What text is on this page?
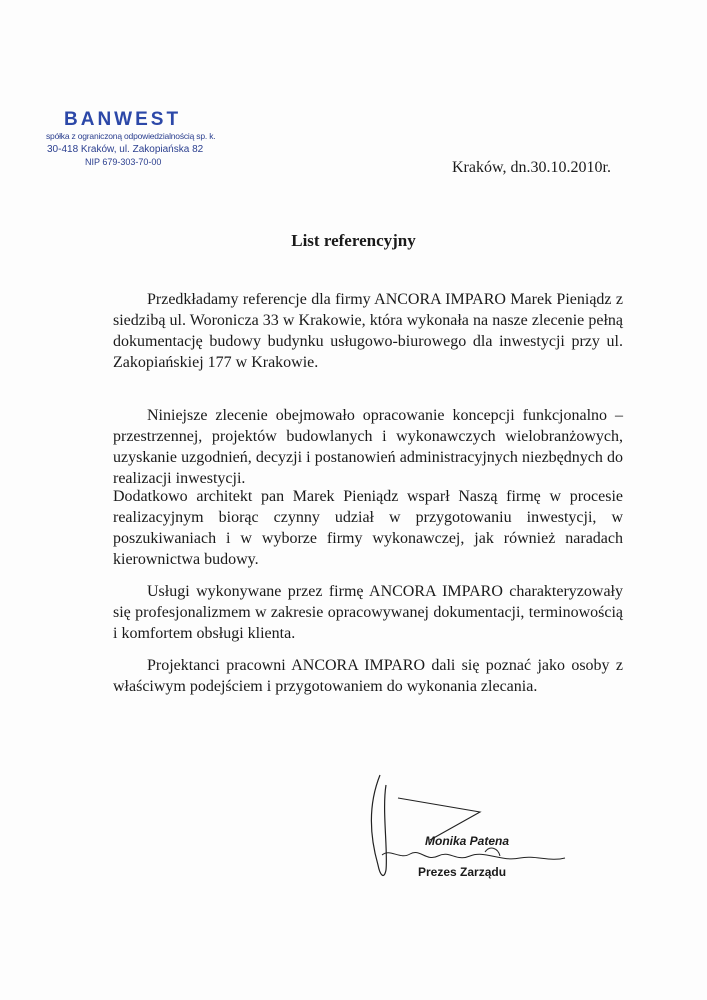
BANWEST
spółka z ograniczoną odpowiedzialnością sp. k.
30-418 Kraków, ul. Zakopiańska 82
NIP 679-303-70-00	Kraków, dn.30.10.2010r.
List referencyjny
Przedkładamy referencje dla firmy ANCORA IMPARO Marek Pieniądz z siedzibą ul. Woronicza 33 w Krakowie, która wykonała na nasze zlecenie pełną dokumentację budowy budynku usługowo-biurowego dla inwestycji przy ul. Zakopiańskiej 177 w Krakowie.
Niniejsze zlecenie obejmowało opracowanie koncepcji funkcjonalno – przestrzennej, projektów budowlanych i wykonawczych wielobranżowych, uzyskanie uzgodnień, decyzji i postanowień administracyjnych niezbędnych do realizacji inwestycji.
Dodatkowo architekt pan Marek Pieniądz wsparł Naszą firmę w procesie realizacyjnym biorąc czynny udział w przygotowaniu inwestycji, w poszukiwaniach i w wyborze firmy wykonawczej, jak również naradach kierownictwa budowy.
Usługi wykonywane przez firmę ANCORA IMPARO charakteryzowały się profesjonalizmem w zakresie opracowywanej dokumentacji, terminowością i komfortem obsługi klienta.
Projektanci pracowni ANCORA IMPARO dali się poznać jako osoby z właściwym podejściem i przygotowaniem do wykonania zlecania.
Monika Patena
Prezes Zarządu
